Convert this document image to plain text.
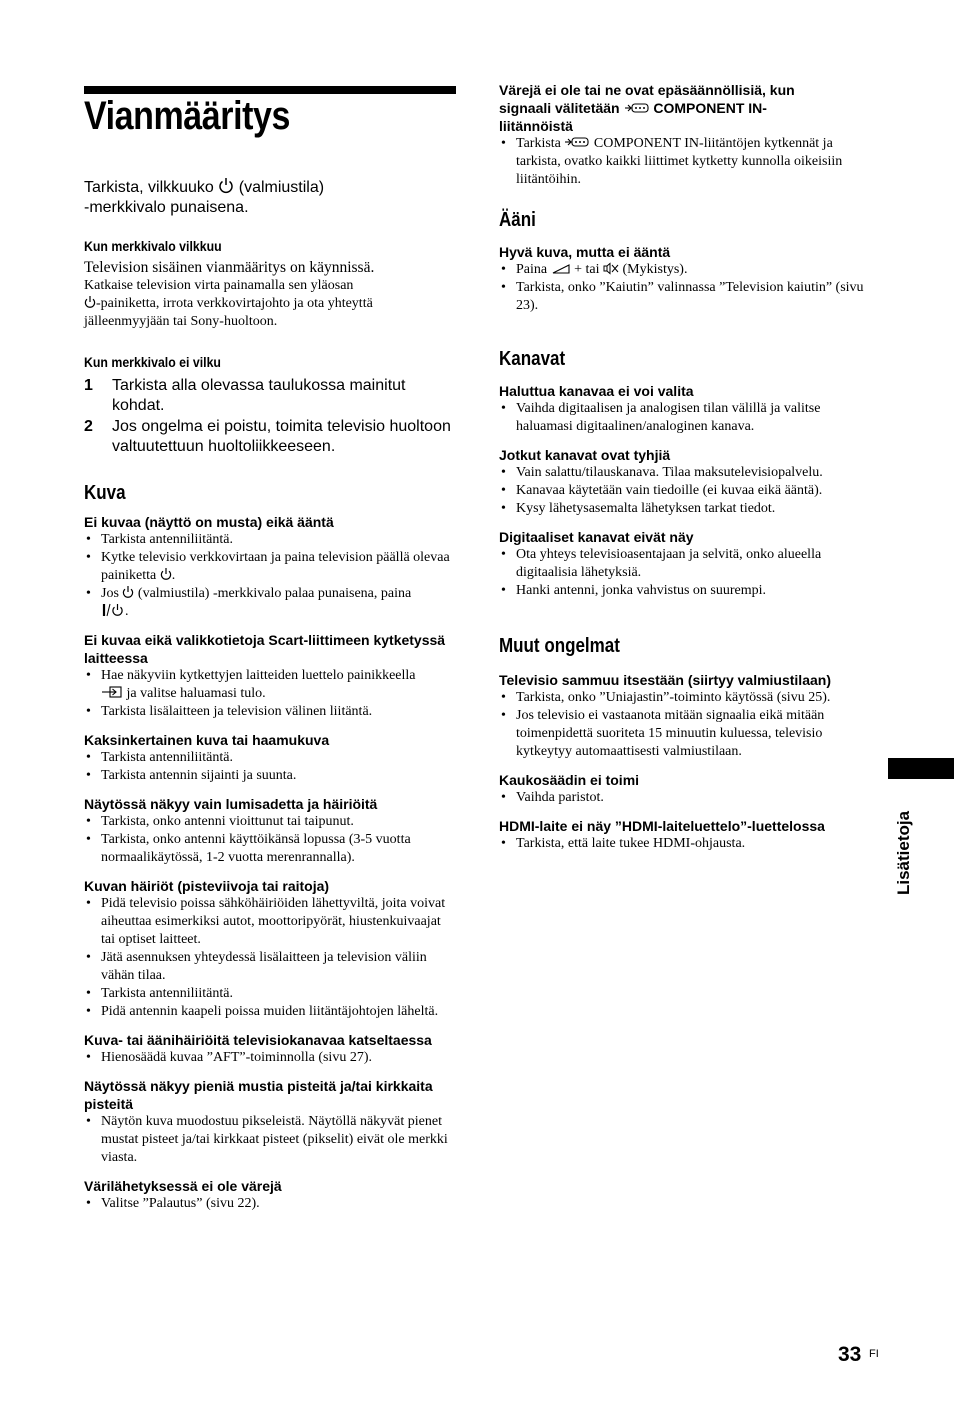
Vianmääritys
Tarkista, vilkkuuko (valmiustila)
-merkkivalo punaisena.
Kun merkkivalo vilkkuu
Television sisäinen vianmääritys on käynnissä.
Katkaise television virta painamalla sen yläosan
-painiketta, irrota verkkovirtajohto ja ota yhteyttä
jälleenmyyjään tai Sony-huoltoon.
Kun merkkivalo ei vilku
1 Tarkista alla olevassa taulukossa mainitut kohdat.
2 Jos ongelma ei poistu, toimita televisio huoltoon valtuutettuun huoltoliikkeeseen.
Kuva
Ei kuvaa (näyttö on musta) eikä ääntä
• Tarkista antenniliitäntä.
• Kytke televisio verkkovirtaan ja paina television päällä olevaa painiketta .
• Jos (valmiustila) -merkkivalo palaa punaisena, paina
.
Ei kuvaa eikä valikkotietoja Scart-liittimeen kytketyssä laitteessa
• Hae näkyviin kytkettyjen laitteiden luettelo painikkeella
ja valitse haluamasi tulo.
• Tarkista lisälaitteen ja television välinen liitäntä.
Kaksinkertainen kuva tai haamukuva
• Tarkista antenniliitäntä.
• Tarkista antennin sijainti ja suunta.
Näytössä näkyy vain lumisadetta ja häiriöitä
• Tarkista, onko antenni vioittunut tai taipunut.
• Tarkista, onko antenni käyttöikänsä lopussa (3-5 vuotta normaalikäytössä, 1-2 vuotta merenrannalla).
Kuvan häiriöt (pisteviivoja tai raitoja)
• Pidä televisio poissa sähköhäiriöiden lähettyviltä, joita voivat aiheuttaa esimerkiksi autot, moottoripyörät, hiustenkuivaajat tai optiset laitteet.
• Jätä asennuksen yhteydessä lisälaitteen ja television väliin vähän tilaa.
• Tarkista antenniliitäntä.
• Pidä antennin kaapeli poissa muiden liitäntäjohtojen läheltä.
Kuva- tai äänihäiriöitä televisiokanavaa katseltaessa
• Hienosäädä kuvaa ”AFT”-toiminnolla (sivu 27).
Näytössä näkyy pieniä mustia pisteitä ja/tai kirkkaita pisteitä
• Näytön kuva muodostuu pikseleistä. Näytöllä näkyvät pienet mustat pisteet ja/tai kirkkaat pisteet (pikselit) eivät ole merkki viasta.
Värilähetyksessä ei ole värejä
• Valitse ”Palautus” (sivu 22).
Värejä ei ole tai ne ovat epäsäännöllisiä, kun
signaali välitetään COMPONENT IN-
liitännöistä
• Tarkista COMPONENT IN-liitäntöjen kytkennät ja tarkista, ovatko kaikki liittimet kytketty kunnolla oikeisiin liitäntöihin.
Ääni
Hyvä kuva, mutta ei ääntä
• Paina + tai (Mykistys).
• Tarkista, onko ”Kaiutin” valinnassa ”Television kaiutin” (sivu 23).
Kanavat
Haluttua kanavaa ei voi valita
• Vaihda digitaalisen ja analogisen tilan välillä ja valitse haluamasi digitaalinen/analoginen kanava.
Jotkut kanavat ovat tyhjiä
• Vain salattu/tilauskanava. Tilaa maksutelevisiopalvelu.
• Kanavaa käytetään vain tiedoille (ei kuvaa eikä ääntä).
• Kysy lähetysasemalta lähetyksen tarkat tiedot.
Digitaaliset kanavat eivät näy
• Ota yhteys televisioasentajaan ja selvitä, onko alueella digitaalisia lähetyksiä.
• Hanki antenni, jonka vahvistus on suurempi.
Muut ongelmat
Televisio sammuu itsestään (siirtyy valmiustilaan)
• Tarkista, onko ”Uniajastin”-toiminto käytössä (sivu 25).
• Jos televisio ei vastaanota mitään signaalia eikä mitään toimenpidettä suoriteta 15 minuutin kuluessa, televisio kytkeytyy automaattisesti valmiustilaan.
Kaukosäädin ei toimi
• Vaihda paristot.
HDMI-laite ei näy ”HDMI-laiteluettelo”-luettelossa
• Tarkista, että laite tukee HDMI-ohjausta.	Lisätietoja
33 FI
